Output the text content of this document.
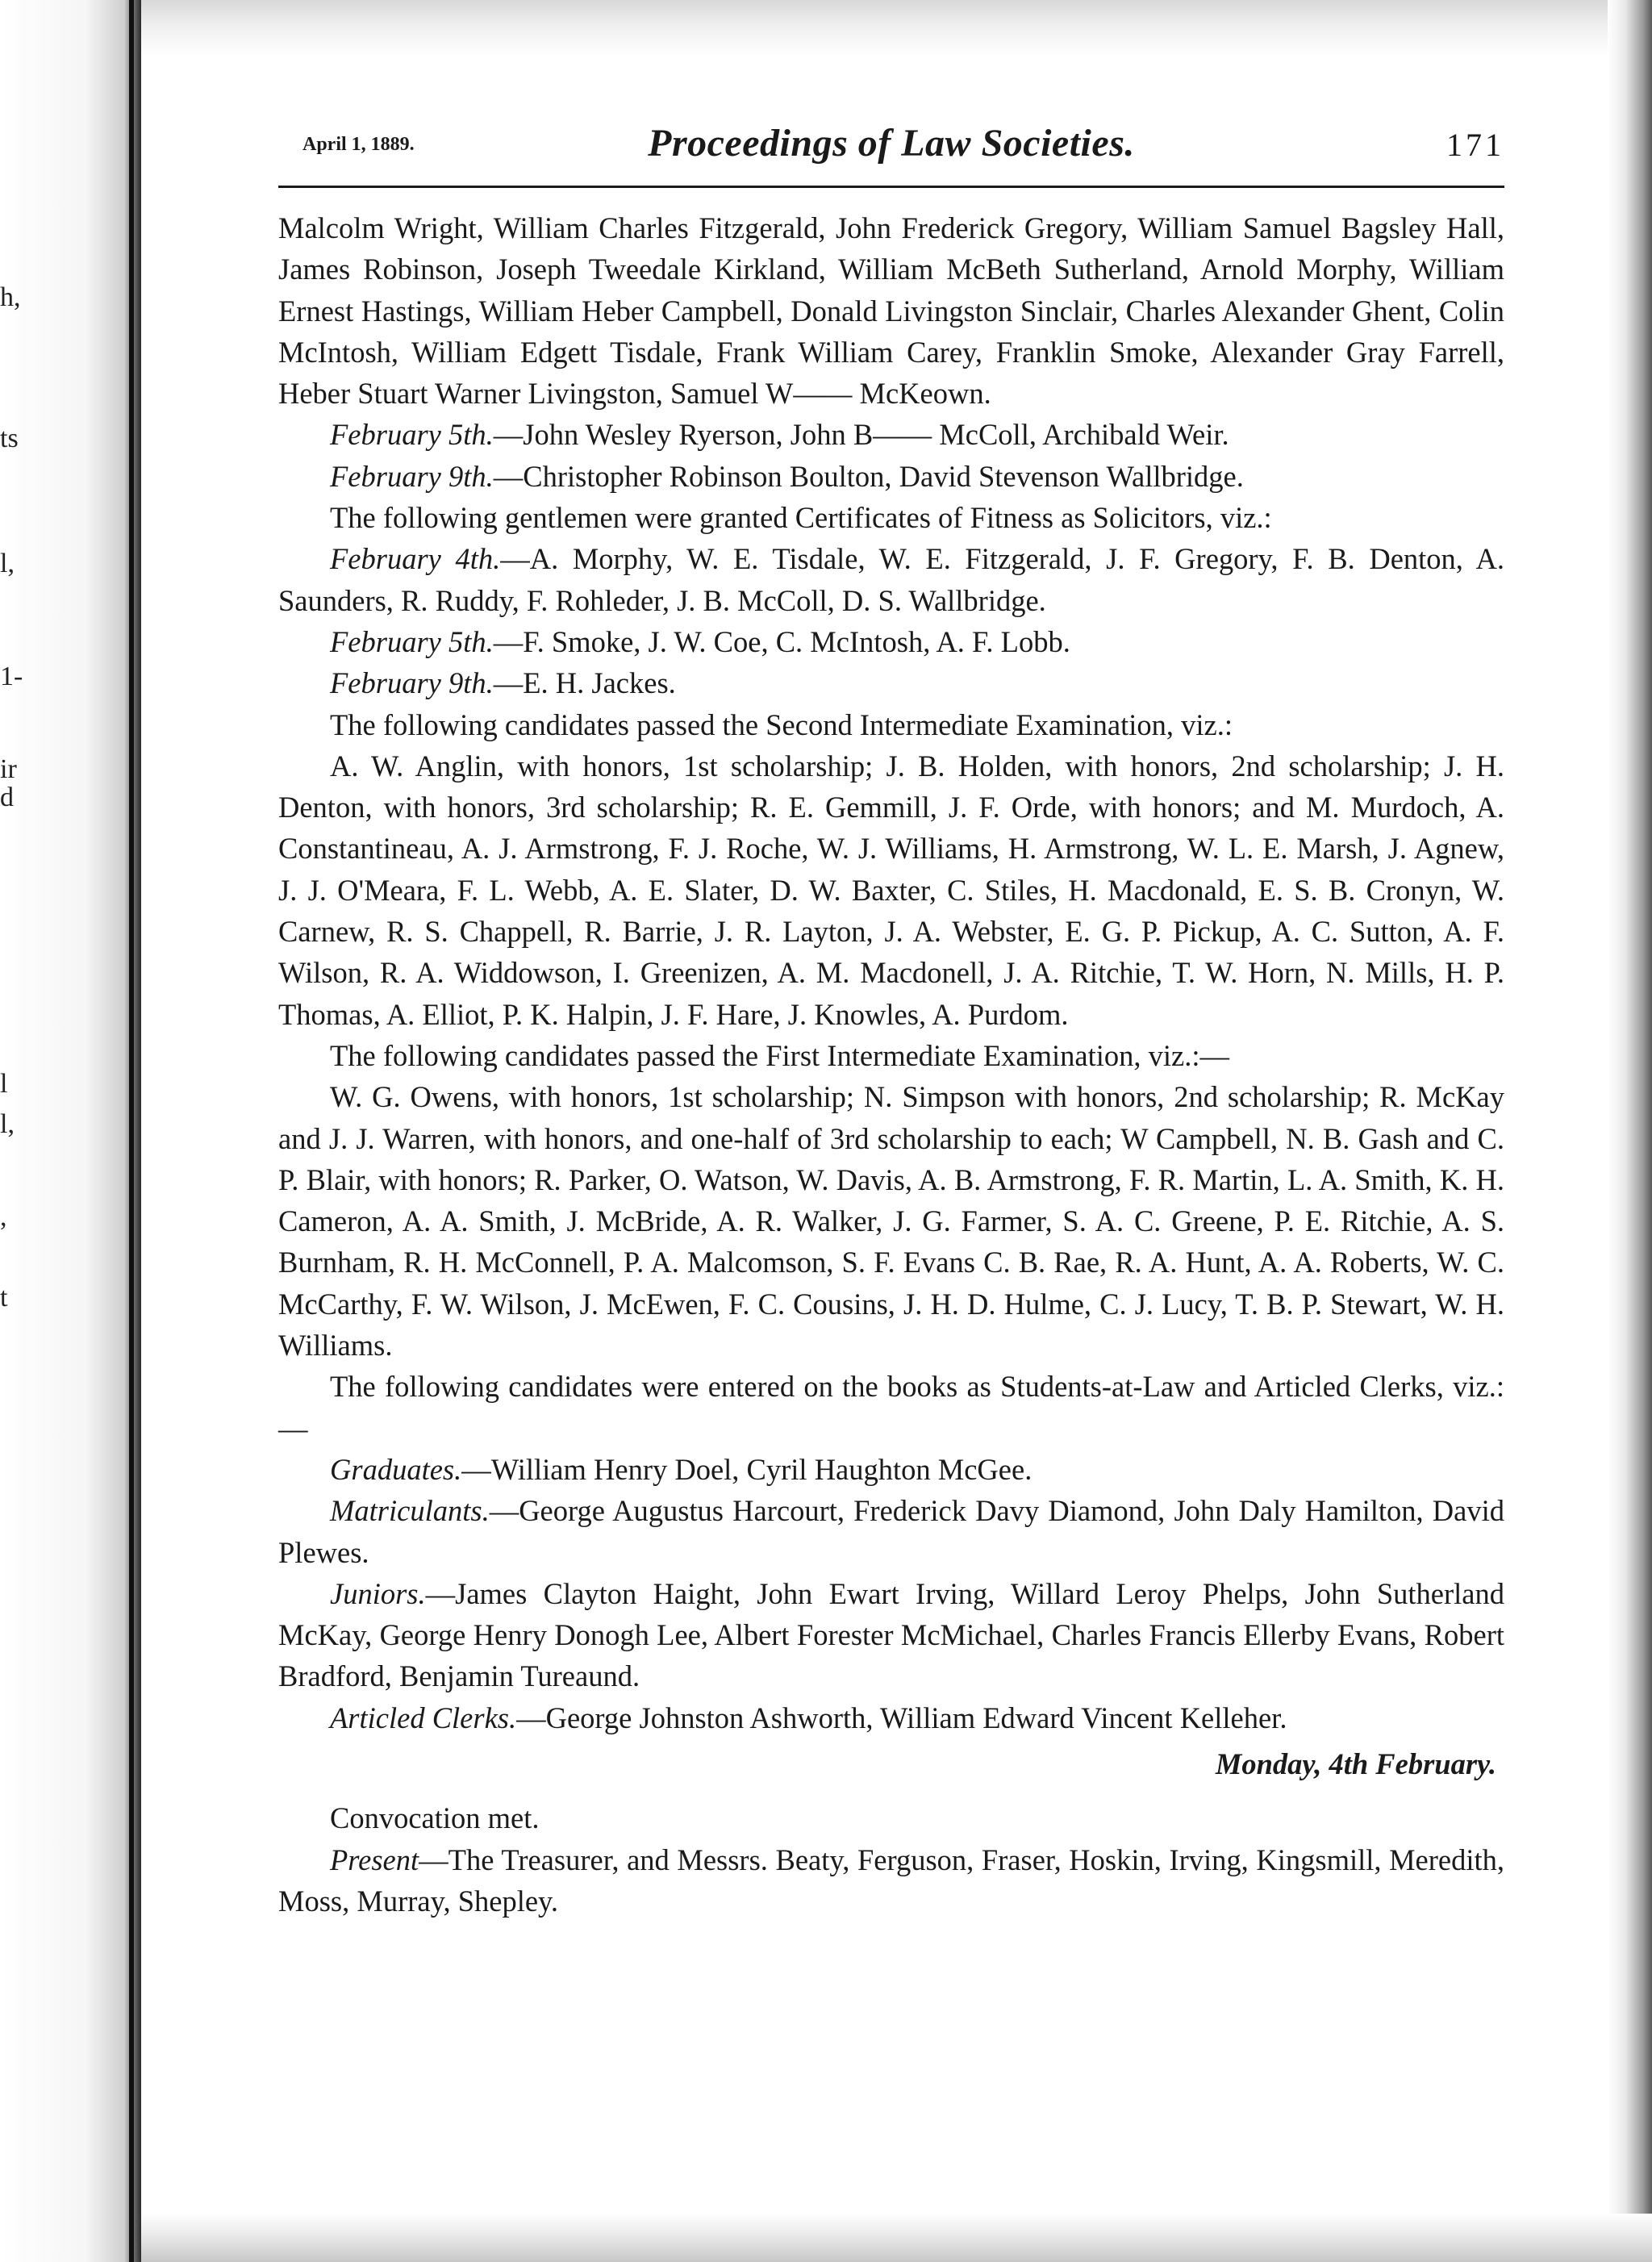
h,
ts
l,
1-
ir
d
l
l,
,
t
April 1, 1889.	Proceedings of Law Societies.	171

Malcolm Wright, William Charles Fitzgerald, John Frederick Gregory, William Samuel Bagsley Hall, James Robinson, Joseph Tweedale Kirkland, William McBeth Sutherland, Arnold Morphy, William Ernest Hastings, William Heber Campbell, Donald Livingston Sinclair, Charles Alexander Ghent, Colin McIntosh, William Edgett Tisdale, Frank William Carey, Franklin Smoke, Alexander Gray Farrell, Heber Stuart Warner Livingston, Samuel W—— McKeown.

February 5th.—John Wesley Ryerson, John B—— McColl, Archibald Weir.

February 9th.—Christopher Robinson Boulton, David Stevenson Wallbridge.

The following gentlemen were granted Certificates of Fitness as Solicitors, viz.:

February 4th.—A. Morphy, W. E. Tisdale, W. E. Fitzgerald, J. F. Gregory, F. B. Denton, A. Saunders, R. Ruddy, F. Rohleder, J. B. McColl, D. S. Wallbridge.

February 5th.—F. Smoke, J. W. Coe, C. McIntosh, A. F. Lobb.

February 9th.—E. H. Jackes.

The following candidates passed the Second Intermediate Examination, viz.:

A. W. Anglin, with honors, 1st scholarship; J. B. Holden, with honors, 2nd scholarship; J. H. Denton, with honors, 3rd scholarship; R. E. Gemmill, J. F. Orde, with honors; and M. Murdoch, A. Constantineau, A. J. Armstrong, F. J. Roche, W. J. Williams, H. Armstrong, W. L. E. Marsh, J. Agnew, J. J. O'Meara, F. L. Webb, A. E. Slater, D. W. Baxter, C. Stiles, H. Macdonald, E. S. B. Cronyn, W. Carnew, R. S. Chappell, R. Barrie, J. R. Layton, J. A. Webster, E. G. P. Pickup, A. C. Sutton, A. F. Wilson, R. A. Widdowson, I. Greenizen, A. M. Macdonell, J. A. Ritchie, T. W. Horn, N. Mills, H. P. Thomas, A. Elliot, P. K. Halpin, J. F. Hare, J. Knowles, A. Purdom.

The following candidates passed the First Intermediate Examination, viz.:—

W. G. Owens, with honors, 1st scholarship; N. Simpson with honors, 2nd scholarship; R. McKay and J. J. Warren, with honors, and one-half of 3rd scholarship to each; W Campbell, N. B. Gash and C. P. Blair, with honors; R. Parker, O. Watson, W. Davis, A. B. Armstrong, F. R. Martin, L. A. Smith, K. H. Cameron, A. A. Smith, J. McBride, A. R. Walker, J. G. Farmer, S. A. C. Greene, P. E. Ritchie, A. S. Burnham, R. H. McConnell, P. A. Malcomson, S. F. Evans C. B. Rae, R. A. Hunt, A. A. Roberts, W. C. McCarthy, F. W. Wilson, J. McEwen, F. C. Cousins, J. H. D. Hulme, C. J. Lucy, T. B. P. Stewart, W. H. Williams.

The following candidates were entered on the books as Students-at-Law and Articled Clerks, viz.:—

Graduates.—William Henry Doel, Cyril Haughton McGee.

Matriculants.—George Augustus Harcourt, Frederick Davy Diamond, John Daly Hamilton, David Plewes.

Juniors.—James Clayton Haight, John Ewart Irving, Willard Leroy Phelps, John Sutherland McKay, George Henry Donogh Lee, Albert Forester McMichael, Charles Francis Ellerby Evans, Robert Bradford, Benjamin Tureaund.

Articled Clerks.—George Johnston Ashworth, William Edward Vincent Kelleher.

Monday, 4th February.

Convocation met.

Present—The Treasurer, and Messrs. Beaty, Ferguson, Fraser, Hoskin, Irving, Kingsmill, Meredith, Moss, Murray, Shepley.
